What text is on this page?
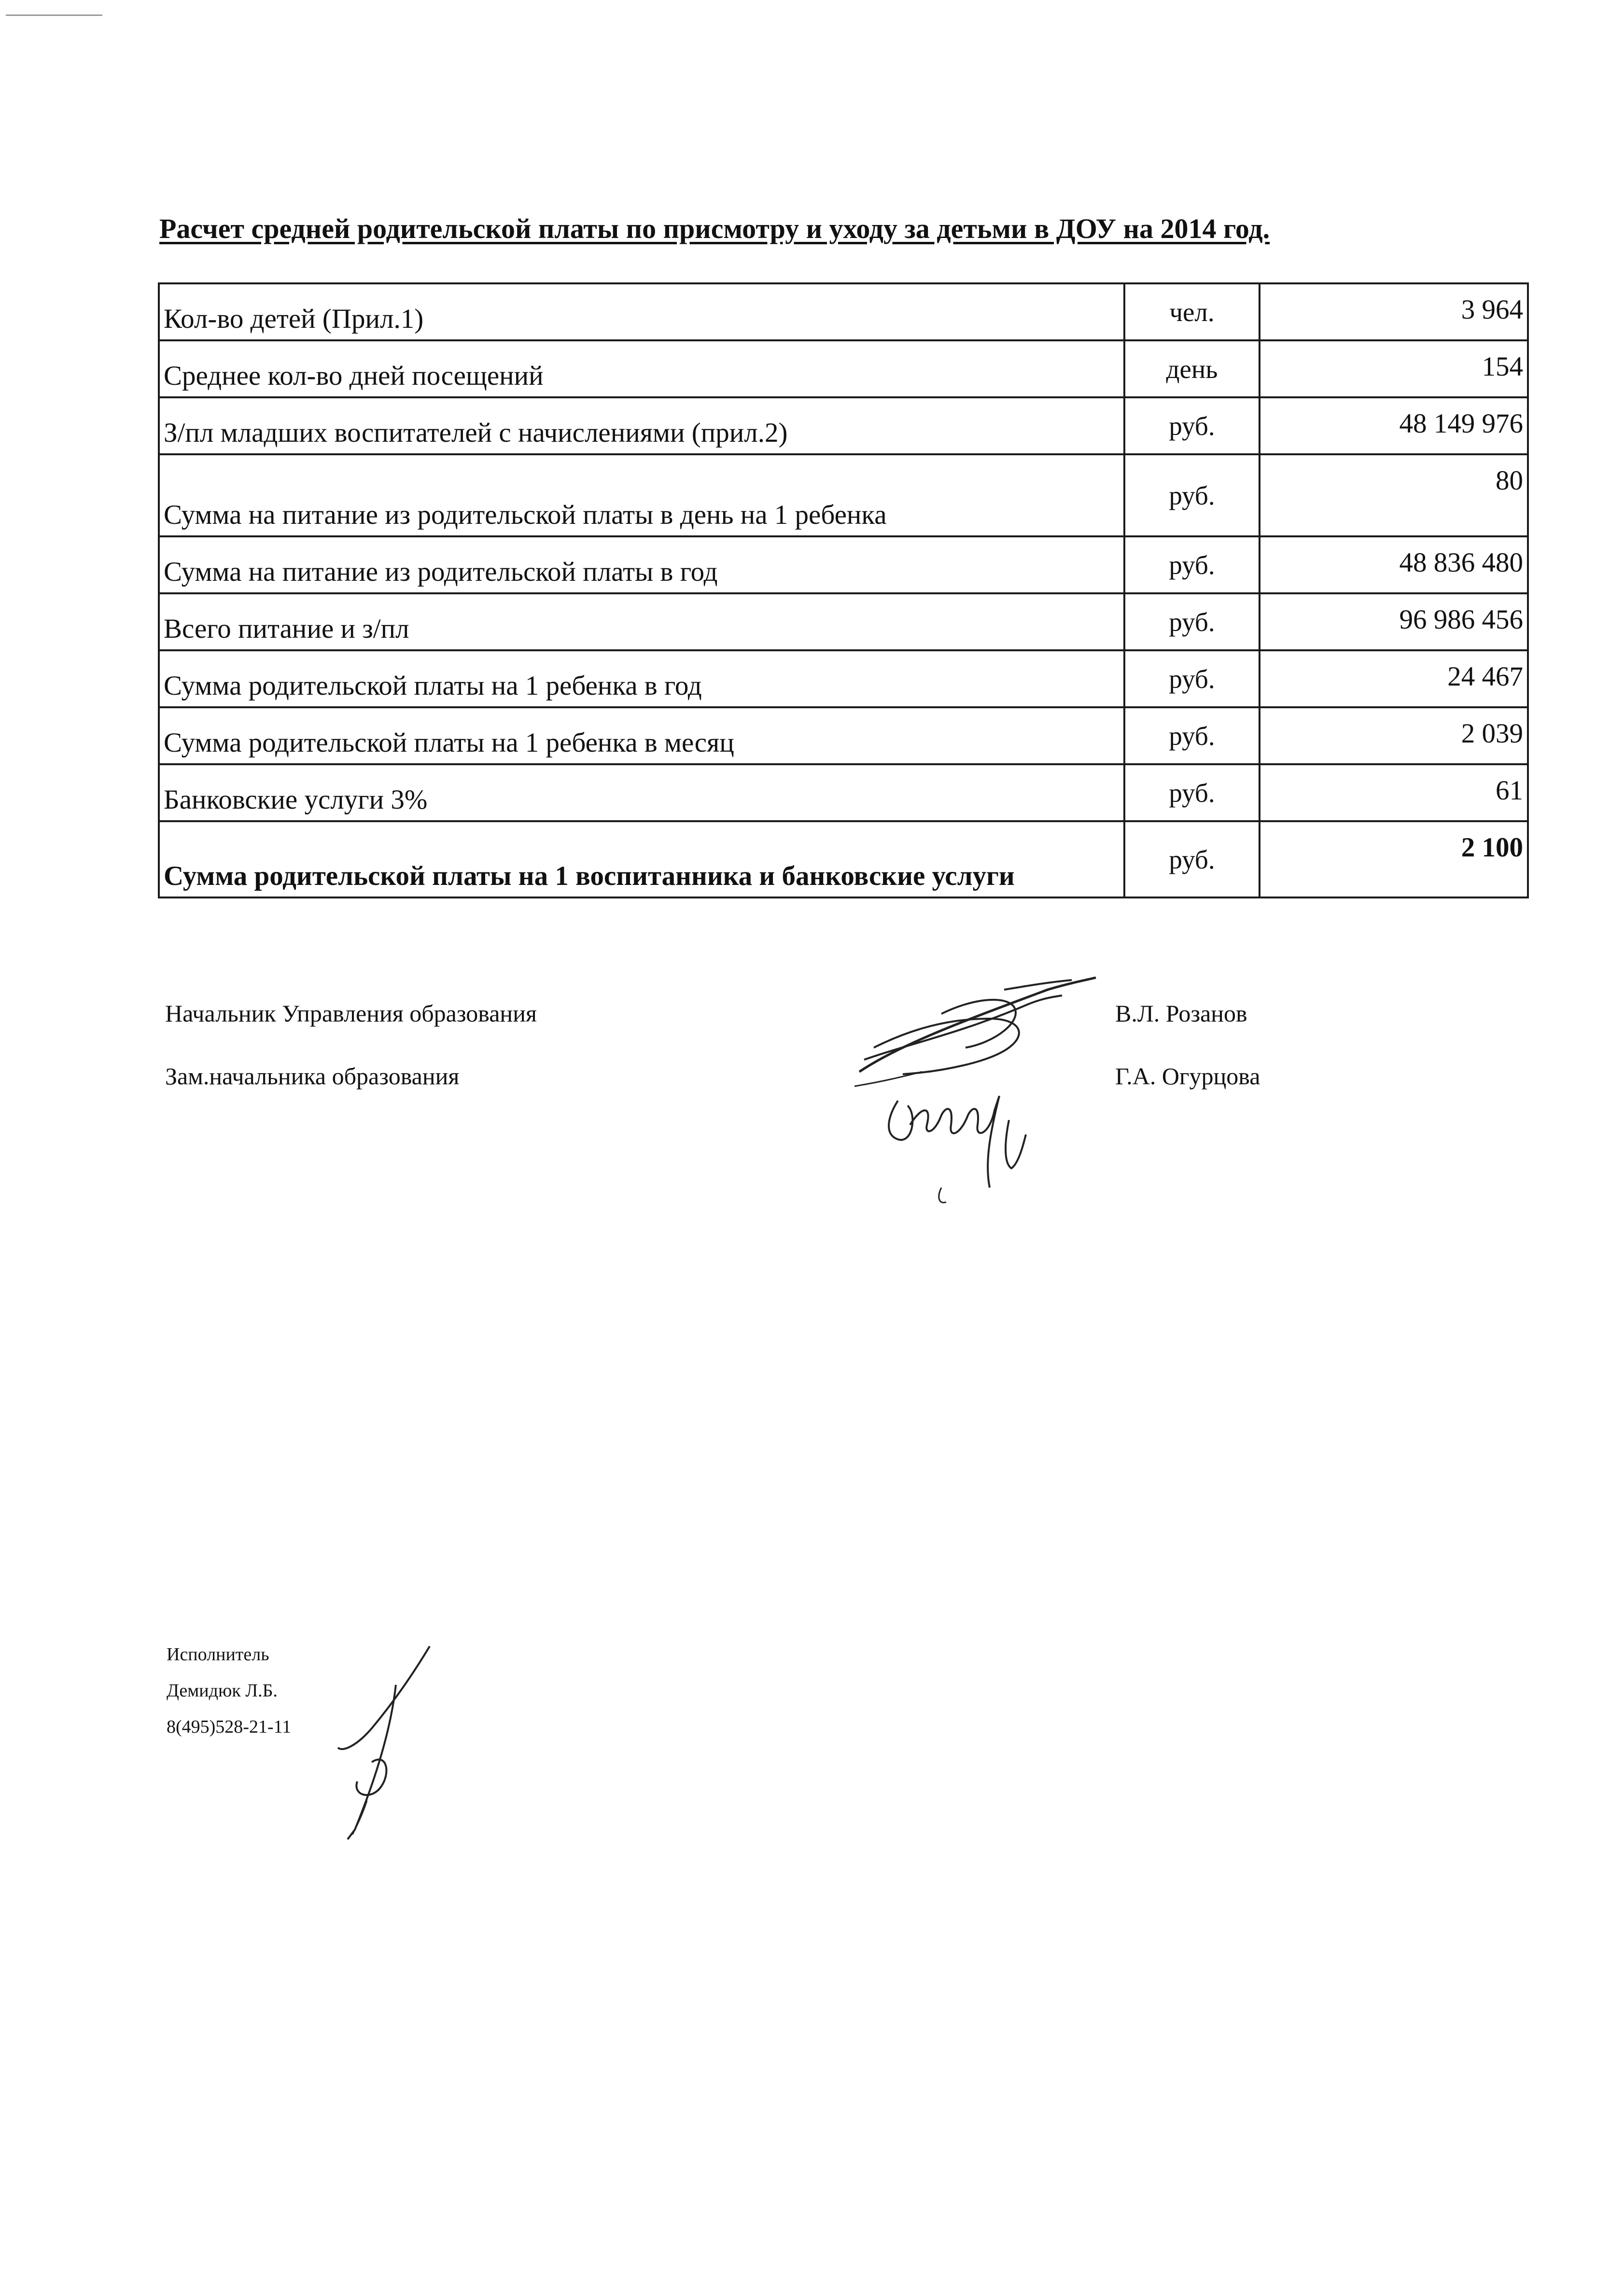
Расчет средней родительской платы по присмотру и уходу за детьми в ДОУ на 2014 год.
Кол-во детей (Прил.1)	чел.	3 964
Среднее кол-во дней посещений	день	154
З/пл младших воспитателей с начислениями (прил.2)	руб.	48 149 976
Сумма на питание из родительской платы в день на 1 ребенка	руб.	80
Сумма на питание из родительской платы в год	руб.	48 836 480
Всего питание и з/пл	руб.	96 986 456
Сумма родительской платы на 1 ребенка в год	руб.	24 467
Сумма родительской платы на 1 ребенка в месяц	руб.	2 039
Банковские услуги 3%	руб.	61
Сумма родительской платы на 1 воспитанника и банковские услуги	руб.	2 100
Начальник Управления образования	В.Л. Розанов
Зам.начальника образования	Г.А. Огурцова
Исполнитель
Демидюк Л.Б.
8(495)528-21-11
